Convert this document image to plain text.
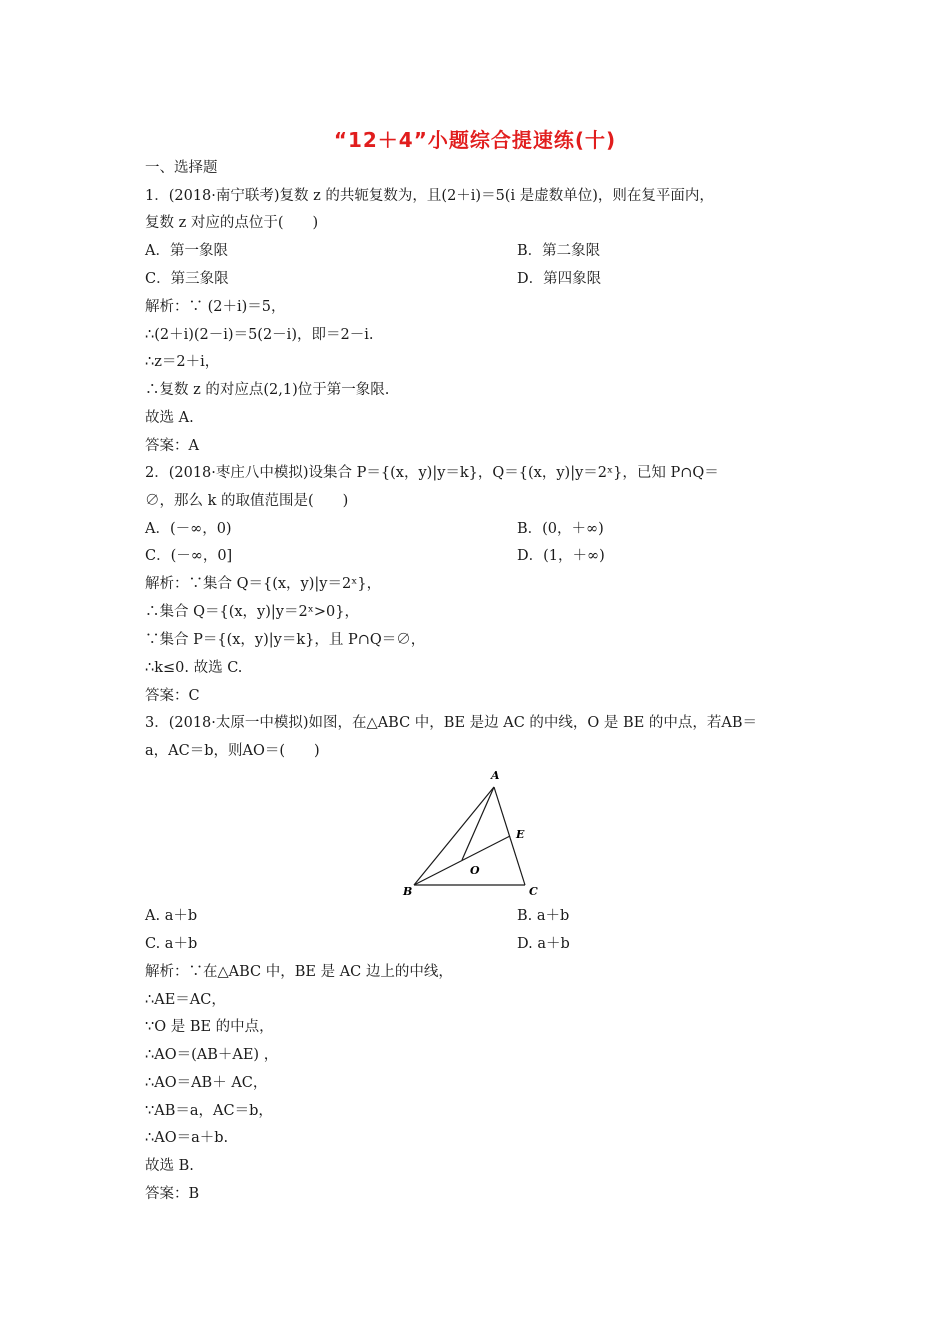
“12＋4”小题综合提速练(十)
一、选择题
1．(2018·南宁联考)复数 z 的共轭复数为，且(2＋i)＝5(i 是虚数单位)，则在复平面内，
复数 z 对应的点位于(　　)
A．第一象限	B．第二象限
C．第三象限	D．第四象限
解析：∵ (2＋i)＝5，
∴(2＋i)(2－i)＝5(2－i)，即＝2－i.
∴z＝2＋i，
∴复数 z 的对应点(2,1)位于第一象限.
故选 A.
答案：A
2．(2018·枣庄八中模拟)设集合 P＝{(x，y)|y＝k}，Q＝{(x，y)|y＝2ˣ}，已知 P∩Q＝
∅，那么 k 的取值范围是(　　)
A．(－∞，0)	B．(0，＋∞)
C．(－∞，0]	D．(1，＋∞)
解析：∵集合 Q＝{(x，y)|y＝2ˣ}，
∴集合 Q＝{(x，y)|y＝2ˣ>0}，
∵集合 P＝{(x，y)|y＝k}，且 P∩Q＝∅，
∴k≤0. 故选 C.
答案：C
3．(2018·太原一中模拟)如图，在△ABC 中，BE 是边 AC 的中线，O 是 BE 的中点，若AB＝
a，AC＝b，则AO＝(　　)
A
B	C
E
O
A. a＋b	B. a＋b
C. a＋b	D. a＋b
解析：∵在△ABC 中，BE 是 AC 边上的中线，
∴AE＝AC，
∵O 是 BE 的中点，
∴AO＝(AB＋AE) ，
∴AO＝AB＋ AC，
∵AB＝a，AC＝b，
∴AO＝a＋b.
故选 B.
答案：B
